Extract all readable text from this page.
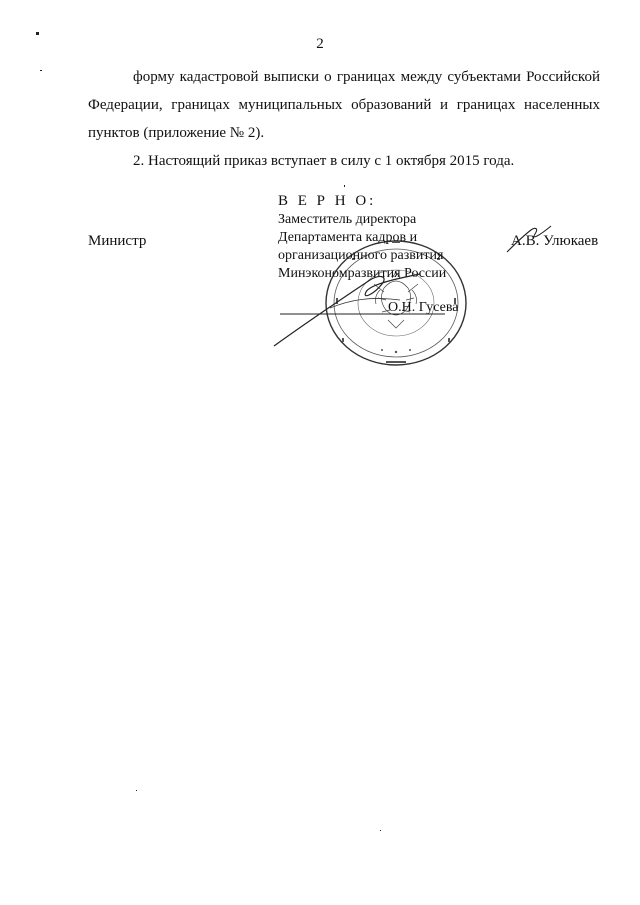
2

форму кадастровой выписки о границах между субъектами Российской

Федерации, границах муниципальных образований и границах населенных

пунктов (приложение № 2).

2. Настоящий приказ вступает в силу с 1 октября 2015 года.

Министр	А.В. Улюкаев
В Е Р Н О:
Заместитель директора
Департамента кадров и
организационного развития
Минэкономразвития России
О.Н. Гусева
